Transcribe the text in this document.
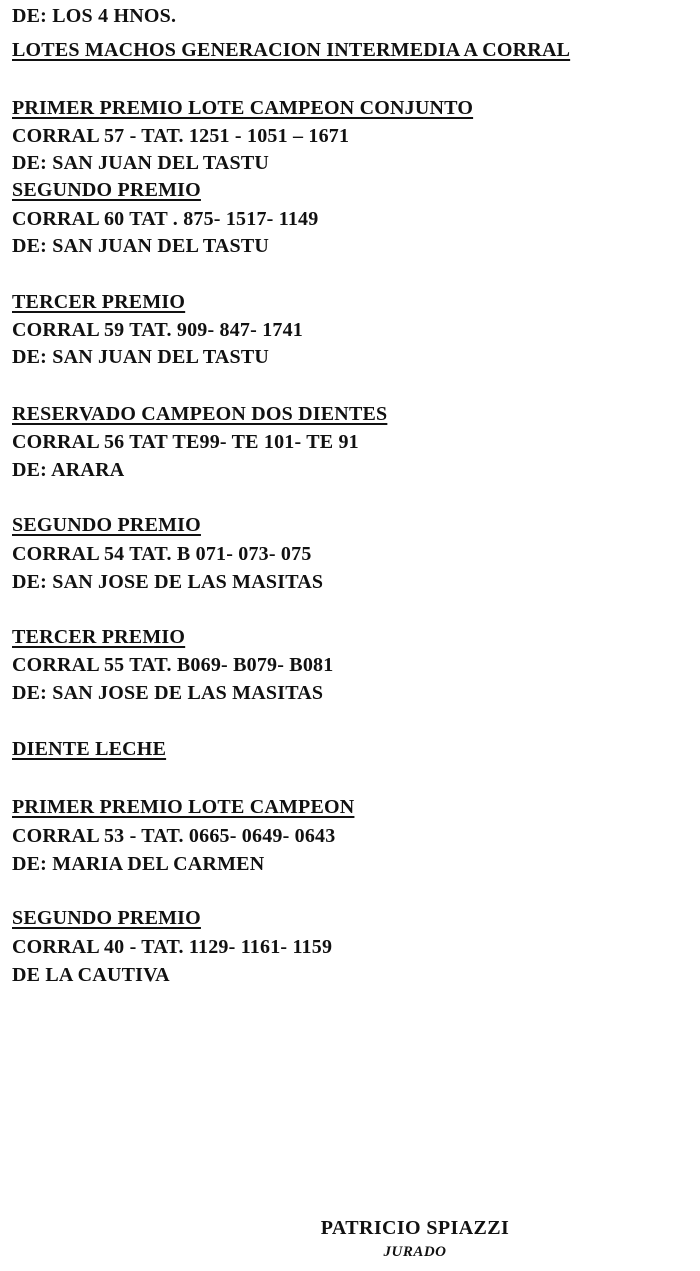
DE: LOS 4 HNOS.
LOTES MACHOS GENERACION INTERMEDIA A CORRAL
PRIMER PREMIO LOTE CAMPEON CONJUNTO
CORRAL 57 - TAT. 1251 - 1051 – 1671
DE: SAN JUAN DEL TASTU
SEGUNDO PREMIO
CORRAL 60 TAT . 875- 1517- 1149
DE: SAN JUAN DEL TASTU
TERCER PREMIO
CORRAL 59 TAT. 909- 847- 1741
DE: SAN JUAN DEL TASTU
RESERVADO CAMPEON DOS DIENTES
CORRAL 56 TAT TE99- TE 101- TE 91
DE: ARARA
SEGUNDO PREMIO
CORRAL 54 TAT. B 071- 073- 075
DE: SAN JOSE DE LAS MASITAS
TERCER PREMIO
CORRAL 55 TAT. B069- B079- B081
DE: SAN JOSE DE LAS MASITAS
DIENTE LECHE
PRIMER PREMIO LOTE CAMPEON
CORRAL 53 - TAT. 0665- 0649- 0643
DE: MARIA DEL CARMEN
SEGUNDO PREMIO
CORRAL 40 - TAT. 1129- 1161- 1159
DE LA CAUTIVA
PATRICIO SPIAZZI
JURADO
